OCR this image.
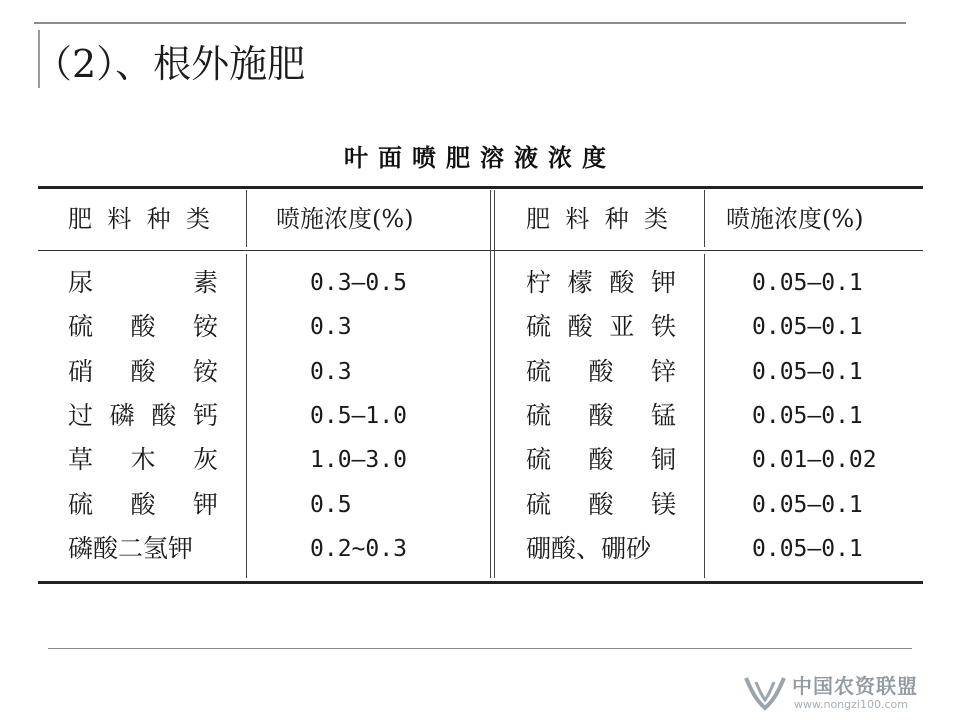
（2）、根外施肥
叶面喷肥溶液浓度
肥料种类 喷施浓度(%)	肥料种类 喷施浓度(%)
尿素	0.3—0.5	柠檬酸钾	0.05—0.1
硫酸铵	0.3	硫酸亚铁	0.05—0.1
硝酸铵	0.3	硫酸锌	0.05—0.1
过磷酸钙	0.5—1.0	硫酸锰	0.05—0.1
草木灰	1.0—3.0	硫酸铜	0.01—0.02
硫酸钾	0.5	硫酸镁	0.05—0.1
磷酸二氢钾	0.2~0.3	硼酸、硼砂	0.05—0.1
中国农资联盟
www.nongzi100.com
